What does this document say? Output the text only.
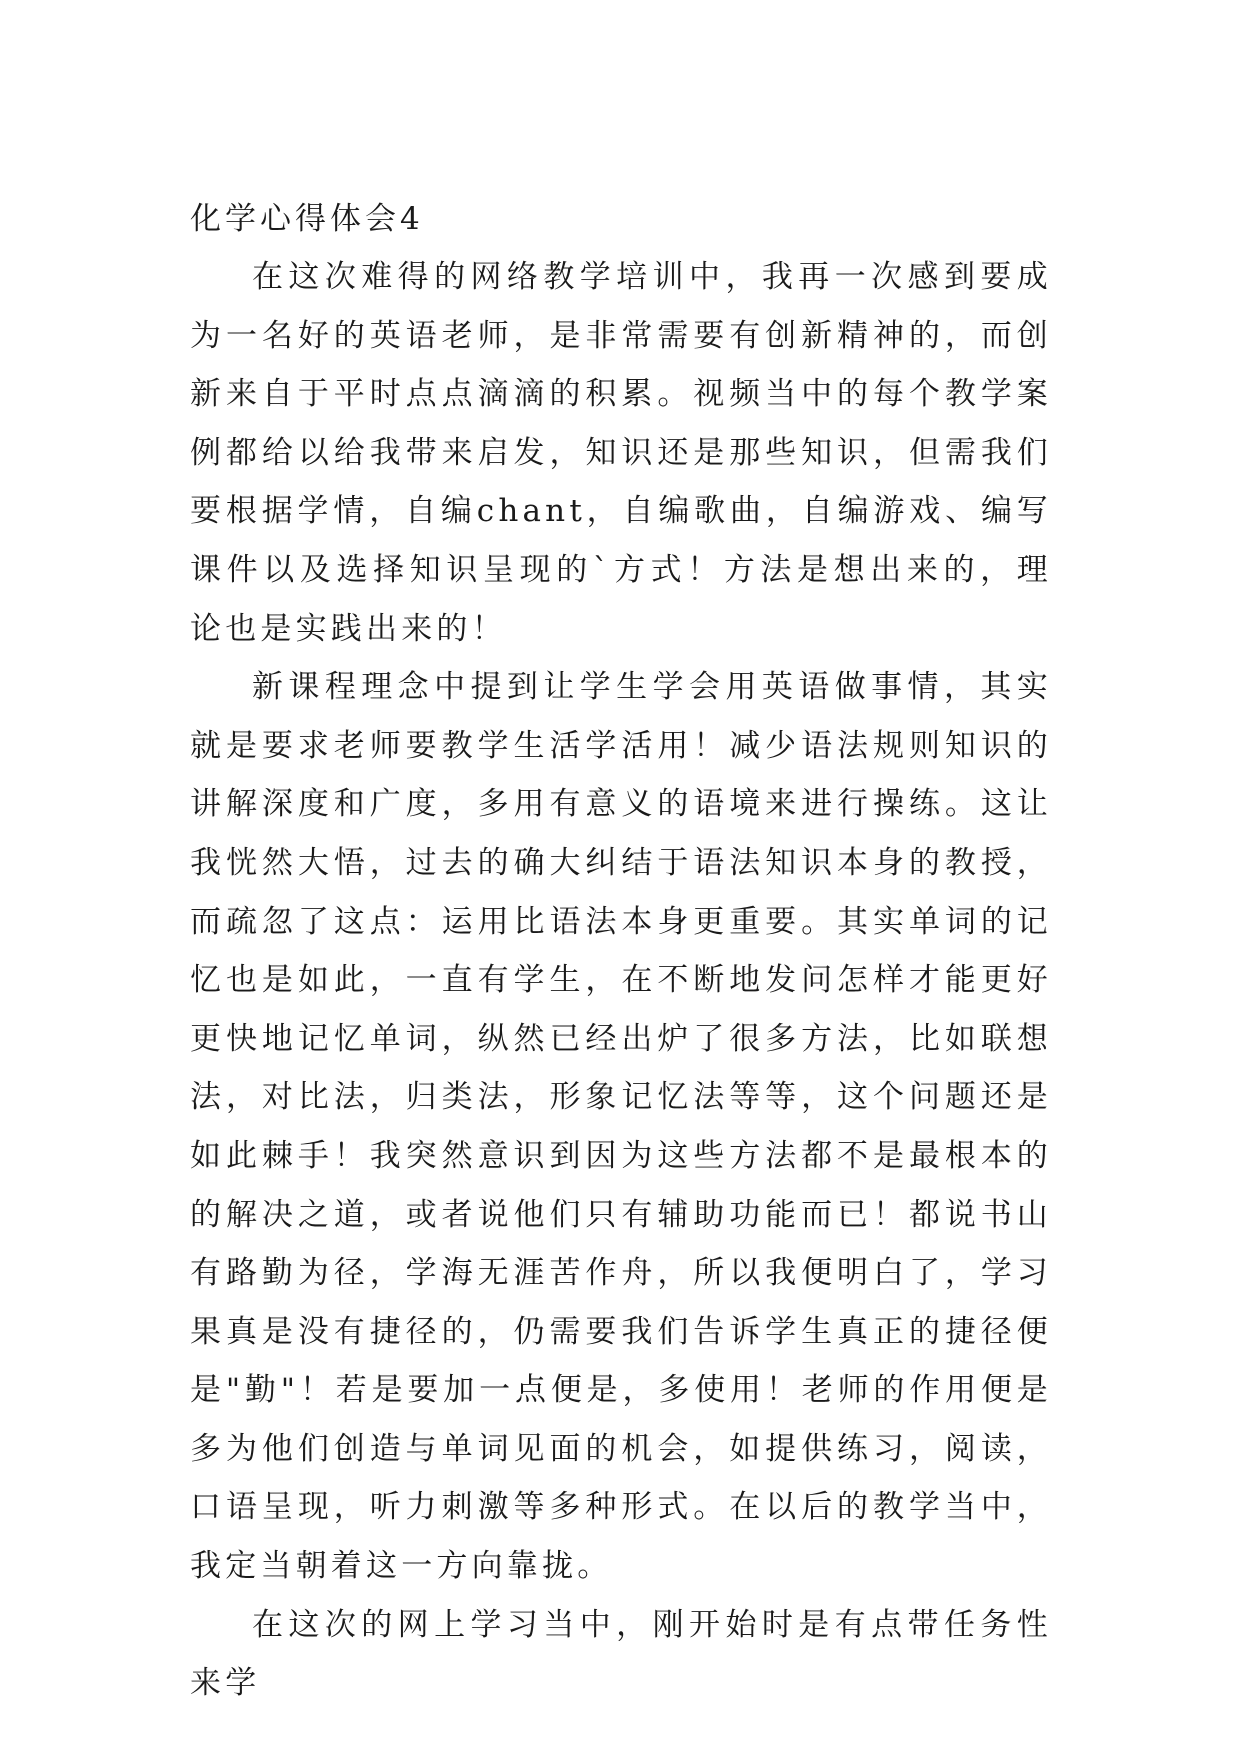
化学心得体会4

在这次难得的网络教学培训中，我再一次感到要成为一名好的英语老师，是非常需要有创新精神的，而创新来自于平时点点滴滴的积累。视频当中的每个教学案例都给以给我带来启发，知识还是那些知识，但需我们要根据学情，自编chant，自编歌曲，自编游戏、编写课件以及选择知识呈现的`方式！方法是想出来的，理论也是实践出来的！

新课程理念中提到让学生学会用英语做事情，其实就是要求老师要教学生活学活用！减少语法规则知识的讲解深度和广度，多用有意义的语境来进行操练。这让我恍然大悟，过去的确大纠结于语法知识本身的教授，而疏忽了这点：运用比语法本身更重要。其实单词的记忆也是如此，一直有学生，在不断地发问怎样才能更好更快地记忆单词，纵然已经出炉了很多方法，比如联想法，对比法，归类法，形象记忆法等等，这个问题还是如此棘手！我突然意识到因为这些方法都不是最根本的的解决之道，或者说他们只有辅助功能而已！都说书山有路勤为径，学海无涯苦作舟，所以我便明白了，学习果真是没有捷径的，仍需要我们告诉学生真正的捷径便是"勤"！若是要加一点便是，多使用！老师的作用便是多为他们创造与单词见面的机会，如提供练习，阅读，口语呈现，听力刺激等多种形式。在以后的教学当中，我定当朝着这一方向靠拢。

在这次的网上学习当中，刚开始时是有点带任务性来学
